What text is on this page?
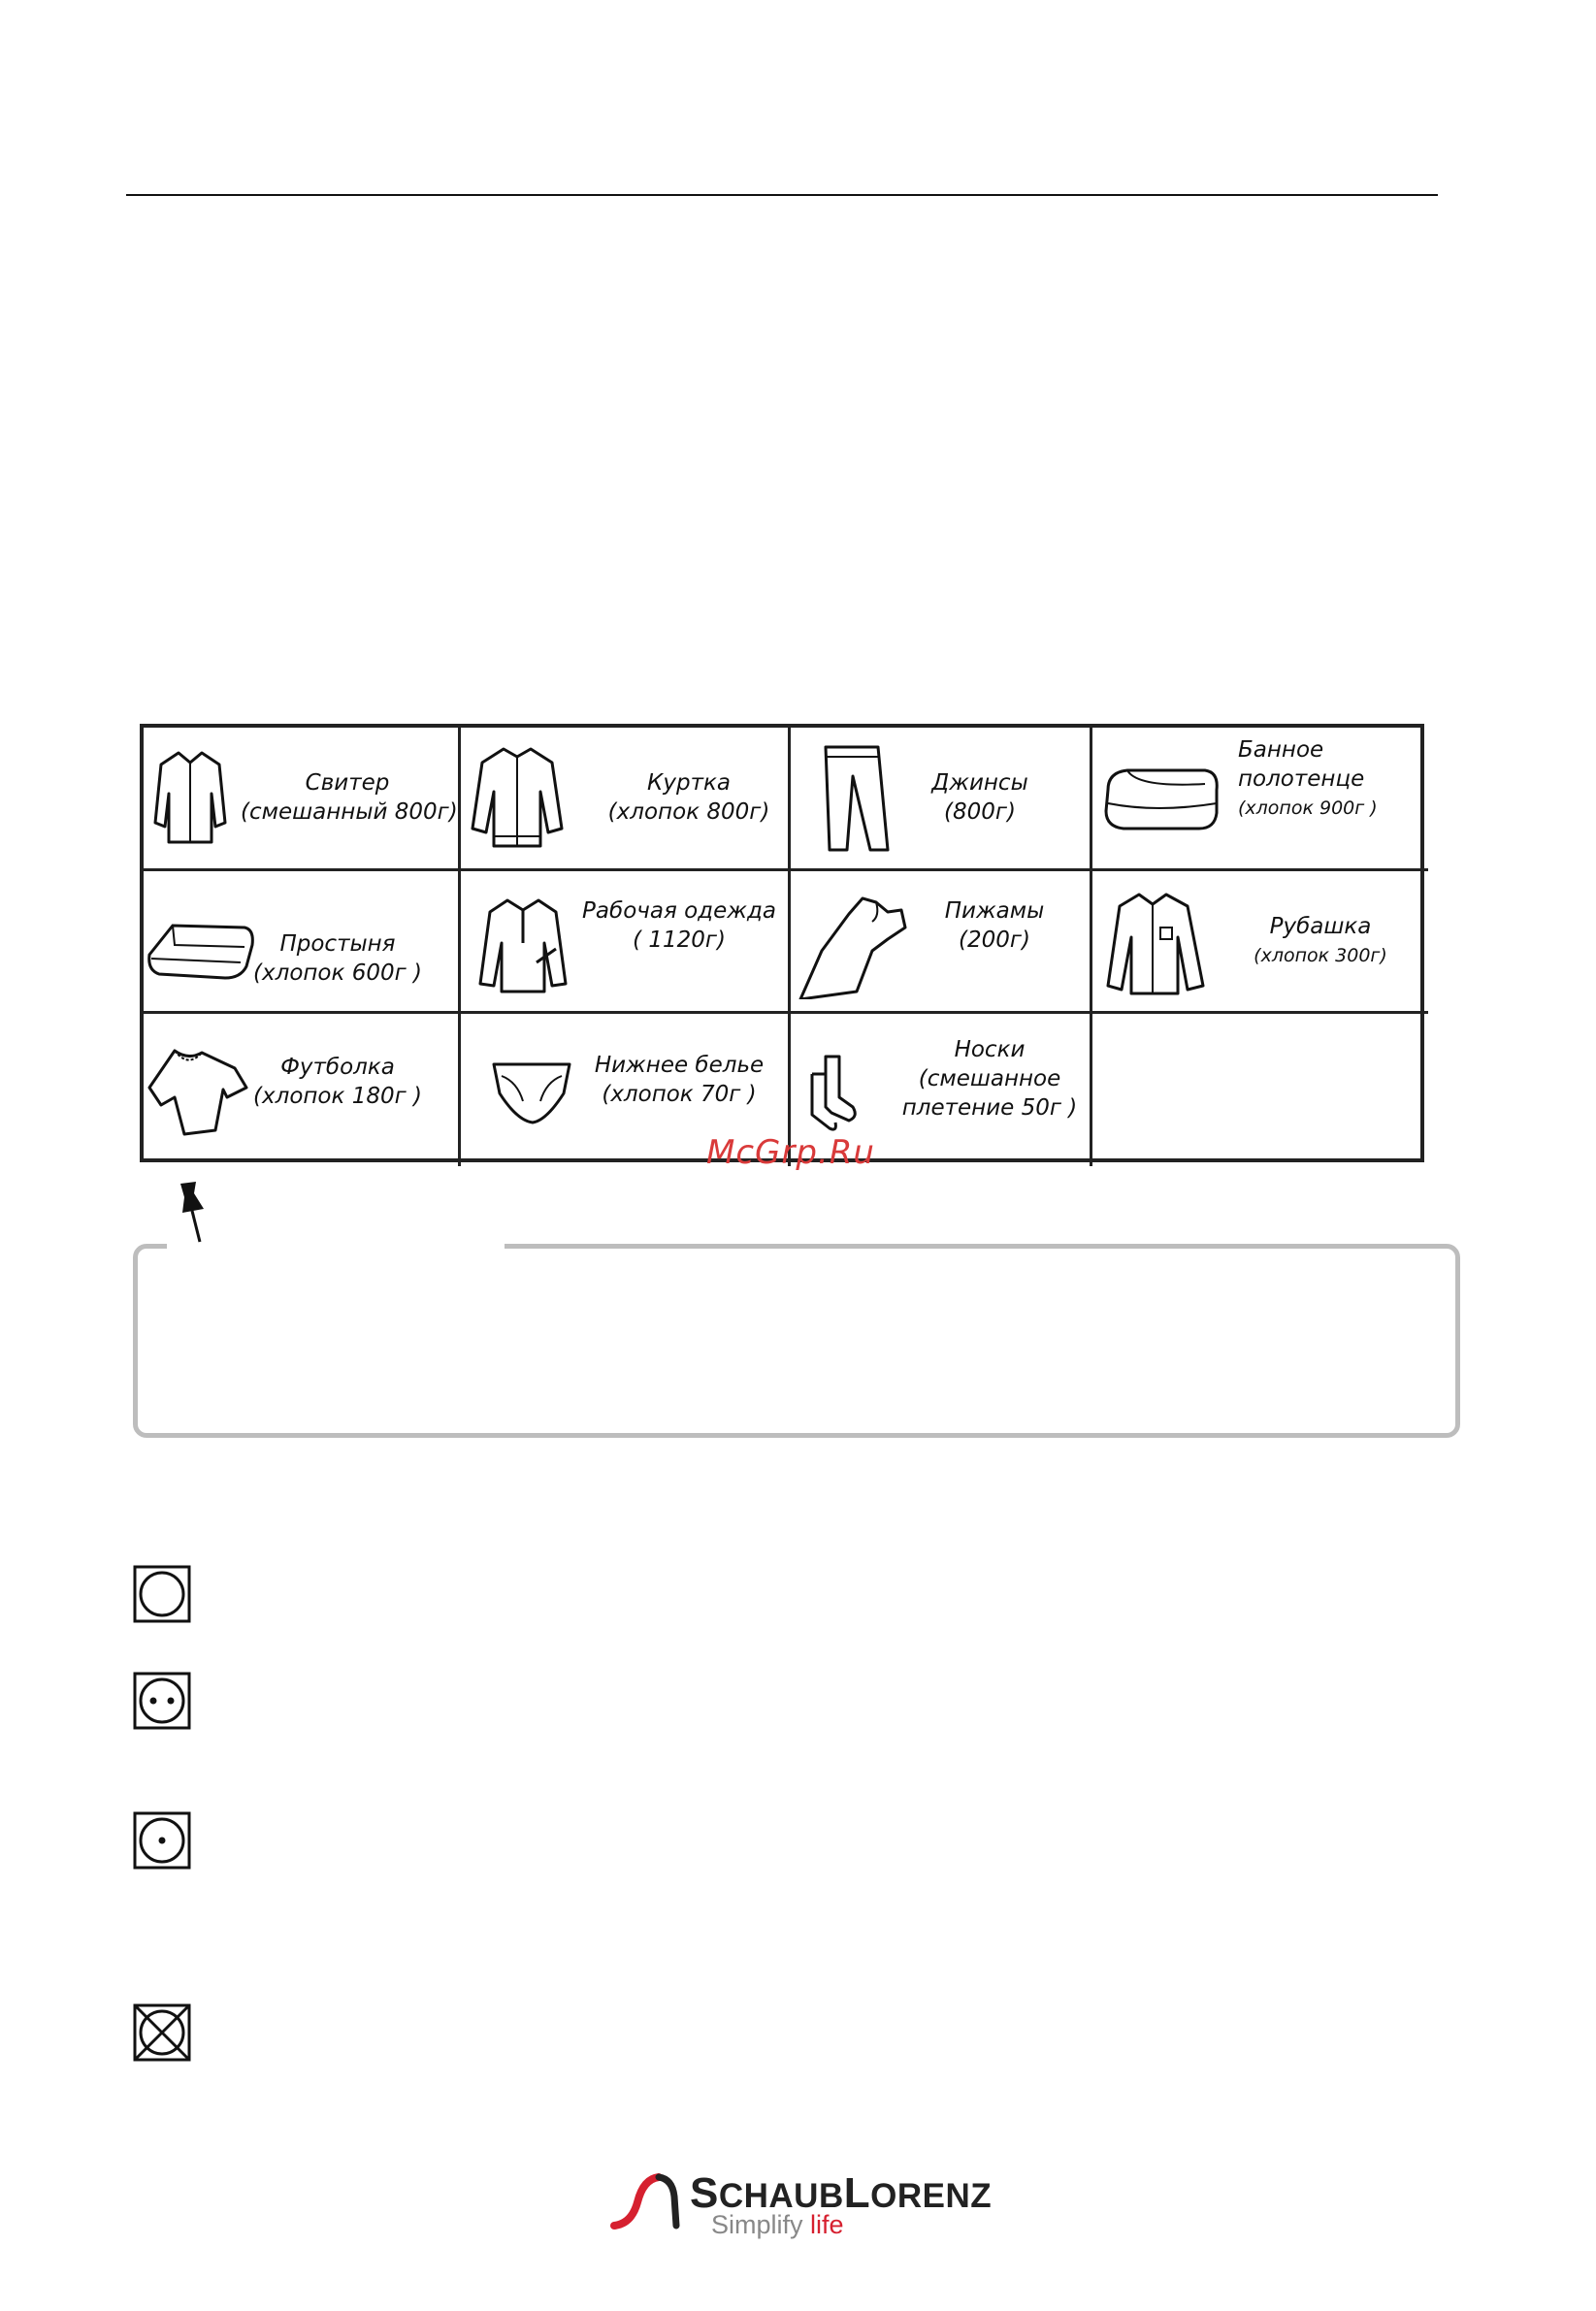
Свитер
(смешанный 800г)
Куртка
(хлопок 800г)
Джинсы
(800г)
Банное
полотенце
(хлопок 900г )
Простыня
(хлопок 600г )
Рабочая одежда
( 1120г)
Пижамы
(200г)
Рубашка
(хлопок 300г)
Футболка
(хлопок 180г )
Нижнее белье
(хлопок 70г )
Носки
(смешанное
плетение 50г )
McGrp.Ru
SCHAUBLORENZ
Simplify life
